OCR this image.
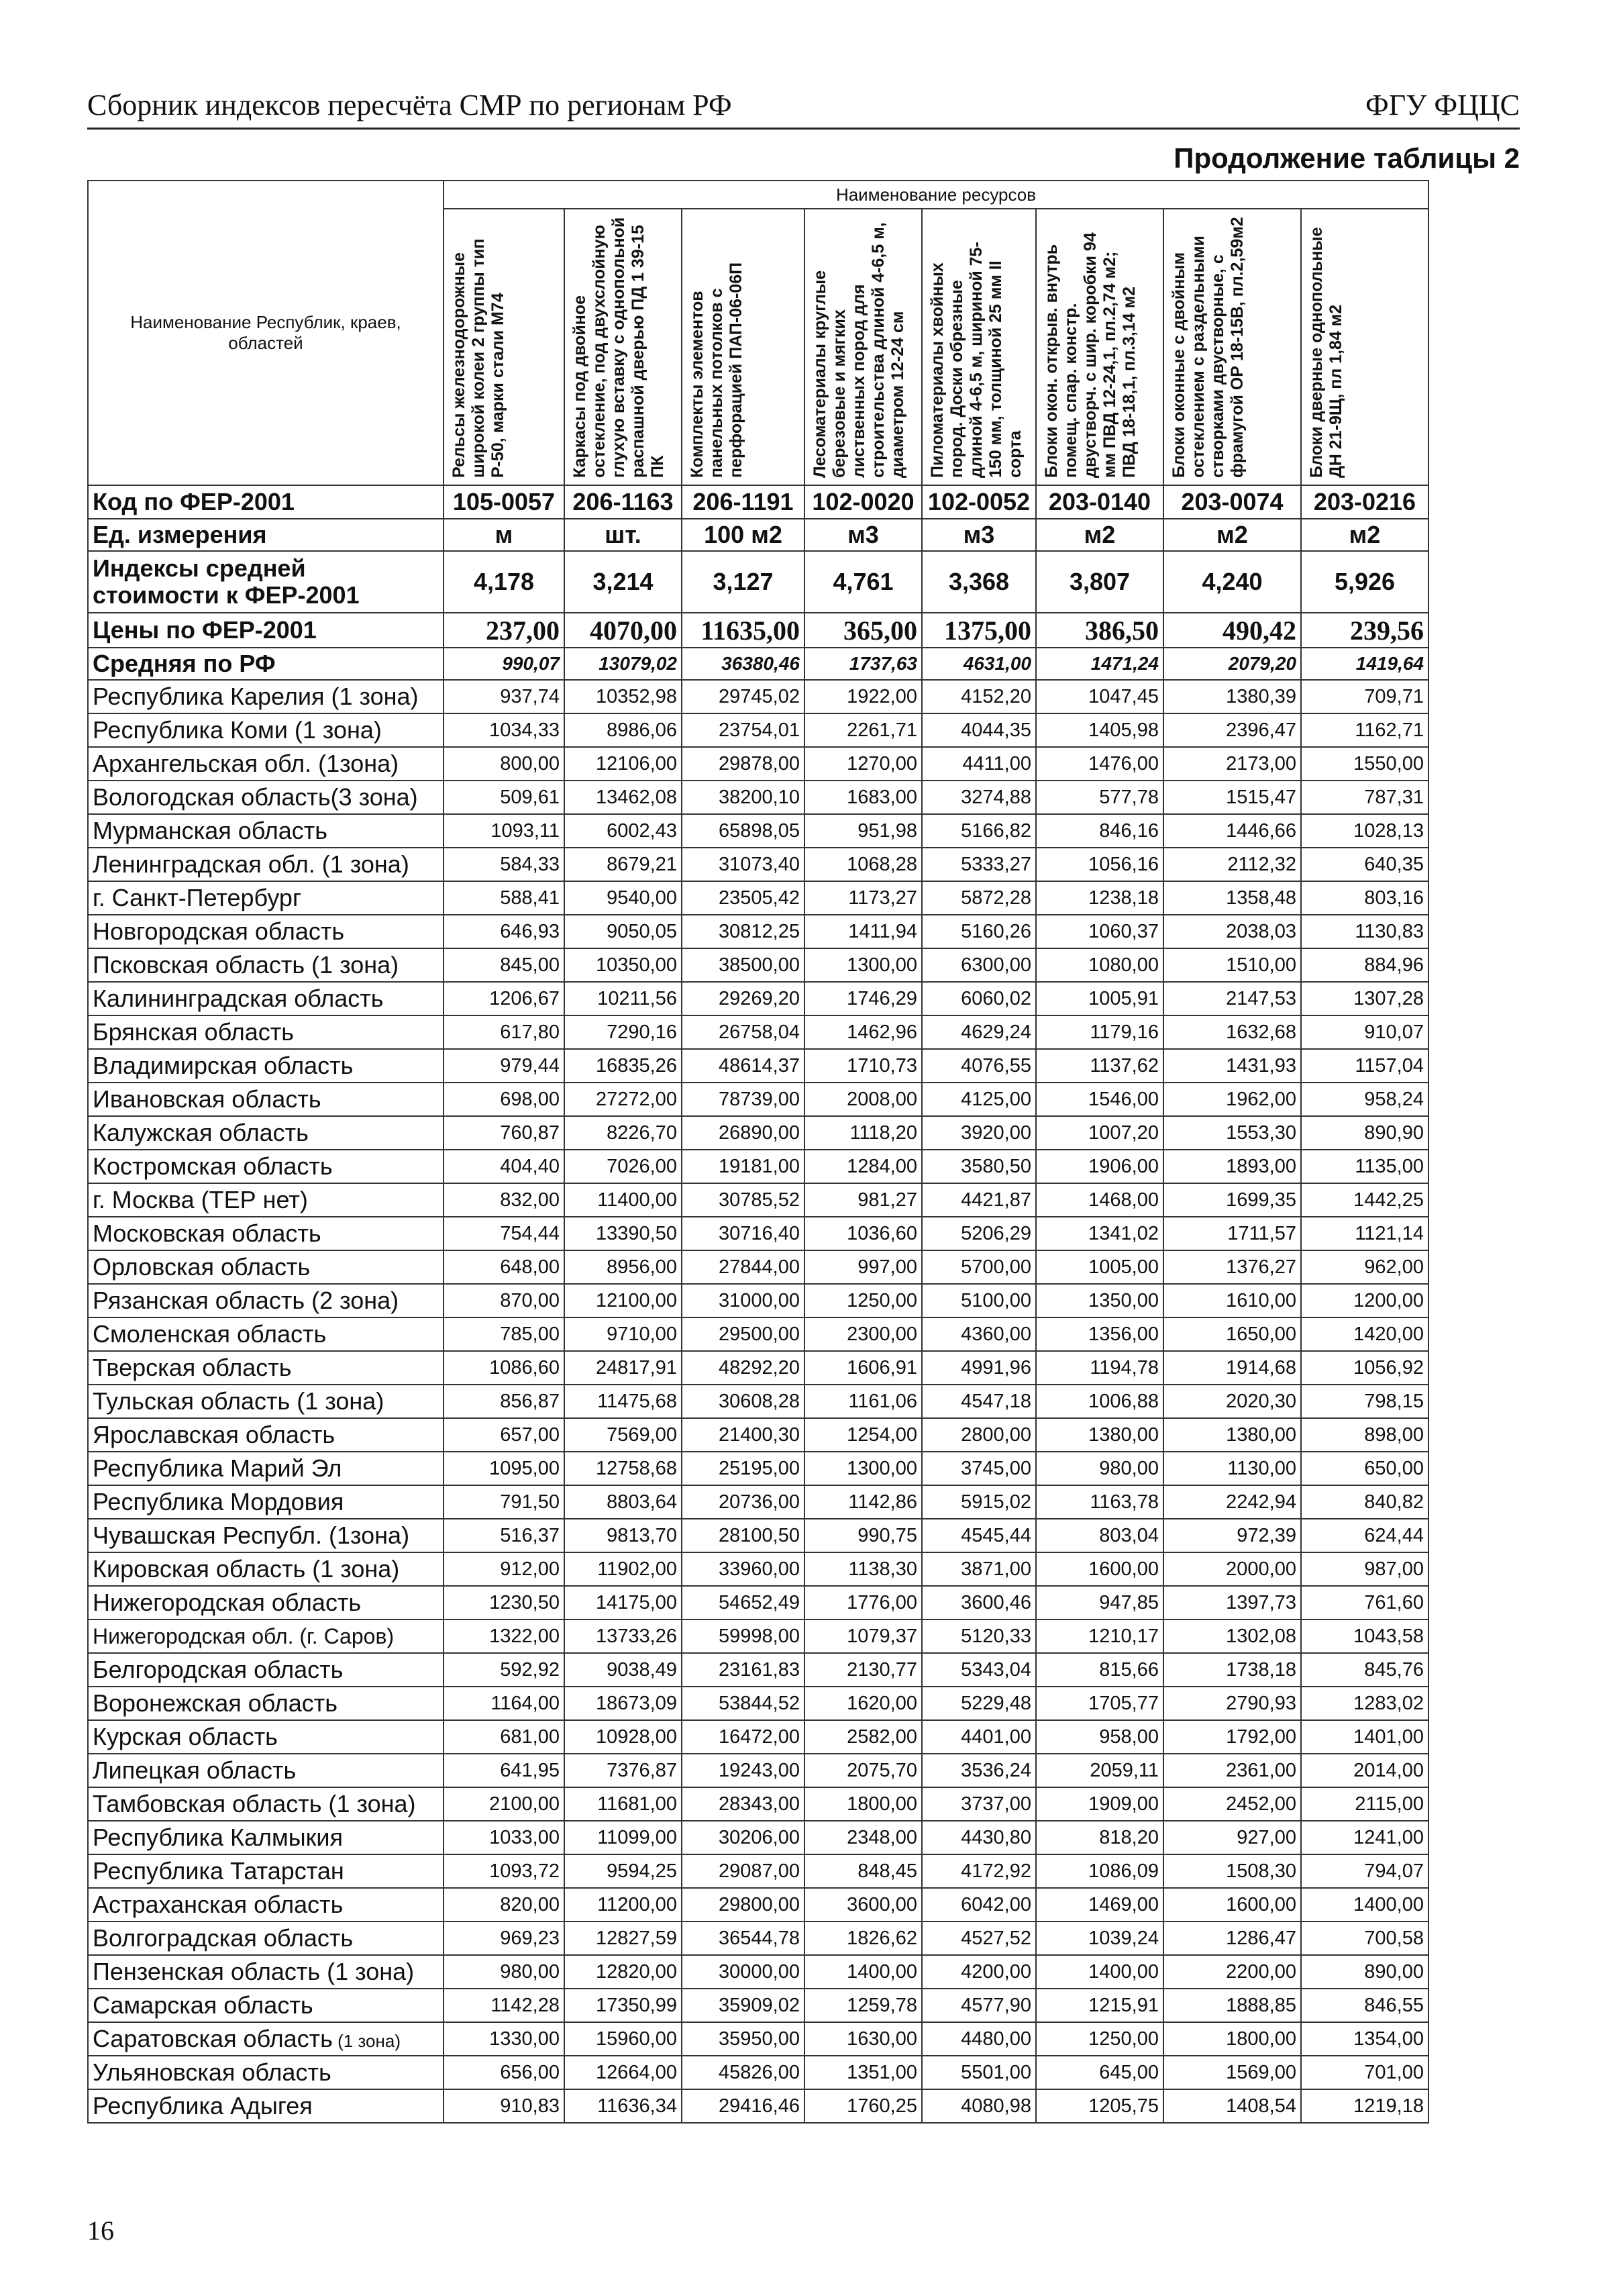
Сборник индексов пересчёта СМР по регионам РФ	ФГУ ФЦЦС
Продолжение таблицы 2
Наименование Республик, краев, областей	Наименование ресурсов							

	Рельсы железнодорожные широкой колеи 2 группы тип Р-50, марки стали М74	Каркасы под двойное остекление, под двухслойную глухую вставку с однопольной распашной дверью ПД 1 39-15 ПК	Комплекты элементов панельных потолков с перфорацией ПАП-06-06П	Лесоматериалы круглые березовые и мягких лиственных пород для строительства длиной 4-6,5 м, диаметром 12-24 см	Пиломатериалы хвойных пород. Доски обрезные длиной 4-6,5 м, шириной 75-150 мм, толщиной 25 мм II сорта	Блоки окон. открыв. внутрь помещ. спар. констр. двустворч. с шир. коробки 94 мм ПВД 12-24,1, пл.2,74 м2; ПВД 18-18,1, пл.3,14 м2	Блоки оконные с двойным остеклением с раздельными створками двустворные, с фрамугой ОР 18-15В, пл.2,59м2	Блоки дверные однопольные ДН 21-9Щ, пл 1,84 м2

Код по ФЕР-2001	105-0057	206-1163	206-1191	102-0020	102-0052	203-0140	203-0074	203-0216
Ед. измерения	м	шт.	100 м2	м3	м3	м2	м2	м2
Индексы средней стоимости к ФЕР-2001	4,178	3,214	3,127	4,761	3,368	3,807	4,240	5,926
Цены по ФЕР-2001	237,00	4070,00	11635,00	365,00	1375,00	386,50	490,42	239,56
Средняя по РФ	990,07	13079,02	36380,46	1737,63	4631,00	1471,24	2079,20	1419,64
Республика Карелия (1 зона)	937,74	10352,98	29745,02	1922,00	4152,20	1047,45	1380,39	709,71
Республика Коми (1 зона)	1034,33	8986,06	23754,01	2261,71	4044,35	1405,98	2396,47	1162,71
Архангельская обл. (1зона)	800,00	12106,00	29878,00	1270,00	4411,00	1476,00	2173,00	1550,00
Вологодская область(3 зона)	509,61	13462,08	38200,10	1683,00	3274,88	577,78	1515,47	787,31
Мурманская область	1093,11	6002,43	65898,05	951,98	5166,82	846,16	1446,66	1028,13
Ленинградская обл. (1 зона)	584,33	8679,21	31073,40	1068,28	5333,27	1056,16	2112,32	640,35
г. Санкт-Петербург	588,41	9540,00	23505,42	1173,27	5872,28	1238,18	1358,48	803,16
Новгородская область	646,93	9050,05	30812,25	1411,94	5160,26	1060,37	2038,03	1130,83
Псковская область (1 зона)	845,00	10350,00	38500,00	1300,00	6300,00	1080,00	1510,00	884,96
Калининградская область	1206,67	10211,56	29269,20	1746,29	6060,02	1005,91	2147,53	1307,28
Брянская область	617,80	7290,16	26758,04	1462,96	4629,24	1179,16	1632,68	910,07
Владимирская область	979,44	16835,26	48614,37	1710,73	4076,55	1137,62	1431,93	1157,04
Ивановская область	698,00	27272,00	78739,00	2008,00	4125,00	1546,00	1962,00	958,24
Калужская область	760,87	8226,70	26890,00	1118,20	3920,00	1007,20	1553,30	890,90
Костромская область	404,40	7026,00	19181,00	1284,00	3580,50	1906,00	1893,00	1135,00
г. Москва (ТЕР нет)	832,00	11400,00	30785,52	981,27	4421,87	1468,00	1699,35	1442,25
Московская область	754,44	13390,50	30716,40	1036,60	5206,29	1341,02	1711,57	1121,14
Орловская область	648,00	8956,00	27844,00	997,00	5700,00	1005,00	1376,27	962,00
Рязанская область (2 зона)	870,00	12100,00	31000,00	1250,00	5100,00	1350,00	1610,00	1200,00
Смоленская область	785,00	9710,00	29500,00	2300,00	4360,00	1356,00	1650,00	1420,00
Тверская область	1086,60	24817,91	48292,20	1606,91	4991,96	1194,78	1914,68	1056,92
Тульская область (1 зона)	856,87	11475,68	30608,28	1161,06	4547,18	1006,88	2020,30	798,15
Ярославская область	657,00	7569,00	21400,30	1254,00	2800,00	1380,00	1380,00	898,00
Республика Марий Эл	1095,00	12758,68	25195,00	1300,00	3745,00	980,00	1130,00	650,00
Республика Мордовия	791,50	8803,64	20736,00	1142,86	5915,02	1163,78	2242,94	840,82
Чувашская Республ. (1зона)	516,37	9813,70	28100,50	990,75	4545,44	803,04	972,39	624,44
Кировская область (1 зона)	912,00	11902,00	33960,00	1138,30	3871,00	1600,00	2000,00	987,00
Нижегородская область	1230,50	14175,00	54652,49	1776,00	3600,46	947,85	1397,73	761,60
Нижегородская обл. (г. Саров)	1322,00	13733,26	59998,00	1079,37	5120,33	1210,17	1302,08	1043,58
Белгородская область	592,92	9038,49	23161,83	2130,77	5343,04	815,66	1738,18	845,76
Воронежская область	1164,00	18673,09	53844,52	1620,00	5229,48	1705,77	2790,93	1283,02
Курская область	681,00	10928,00	16472,00	2582,00	4401,00	958,00	1792,00	1401,00
Липецкая область	641,95	7376,87	19243,00	2075,70	3536,24	2059,11	2361,00	2014,00
Тамбовская область (1 зона)	2100,00	11681,00	28343,00	1800,00	3737,00	1909,00	2452,00	2115,00
Республика Калмыкия	1033,00	11099,00	30206,00	2348,00	4430,80	818,20	927,00	1241,00
Республика Татарстан	1093,72	9594,25	29087,00	848,45	4172,92	1086,09	1508,30	794,07
Астраханская область	820,00	11200,00	29800,00	3600,00	6042,00	1469,00	1600,00	1400,00
Волгоградская область	969,23	12827,59	36544,78	1826,62	4527,52	1039,24	1286,47	700,58
Пензенская область (1 зона)	980,00	12820,00	30000,00	1400,00	4200,00	1400,00	2200,00	890,00
Самарская область	1142,28	17350,99	35909,02	1259,78	4577,90	1215,91	1888,85	846,55
Саратовская область (1 зона)	1330,00	15960,00	35950,00	1630,00	4480,00	1250,00	1800,00	1354,00
Ульяновская область	656,00	12664,00	45826,00	1351,00	5501,00	645,00	1569,00	701,00
Республика Адыгея	910,83	11636,34	29416,46	1760,25	4080,98	1205,75	1408,54	1219,18
16
